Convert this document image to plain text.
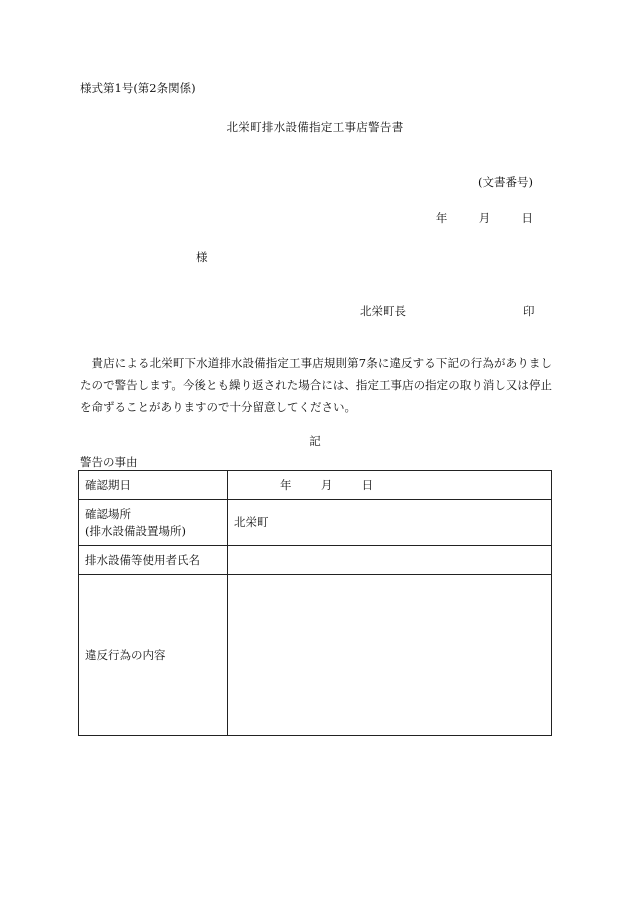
様式第1号(第2条関係)
北栄町排水設備指定工事店警告書
(文書番号)
年	月	日
様
北栄町長	印

貴店による北栄町下水道排水設備指定工事店規則第7条に違反する下記の行為がありましたので警告します。今後とも繰り返された場合には、指定工事店の指定の取り消し又は停止を命ずることがありますので十分留意してください。

記
警告の事由
確認期日	年 月 日

確認場所
(排水設備設置場所)	北栄町
排水設備等使用者氏名	
違反行為の内容	
